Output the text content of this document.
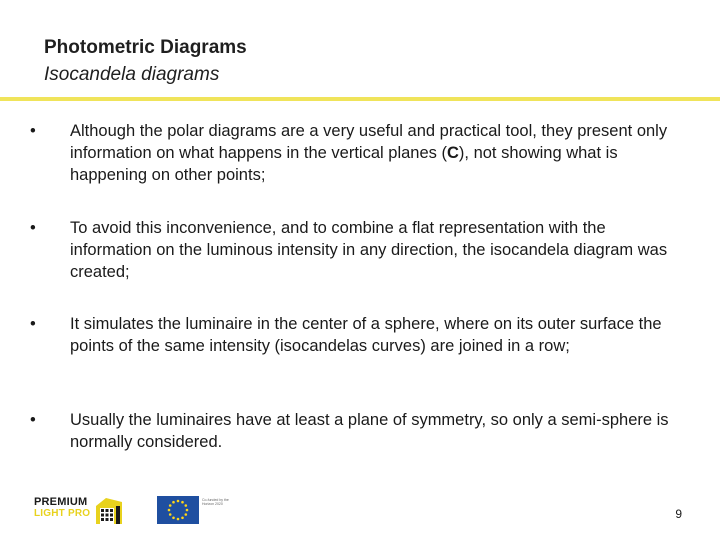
Photometric Diagrams
Isocandela diagrams
•	Although the polar diagrams are a very useful and practical tool, they present only information on what happens in the vertical planes (C), not showing what is happening on other points;
•	To avoid this inconvenience, and to combine a flat representation with the information on the luminous intensity in any direction, the isocandela diagram was created;
•	It simulates the luminaire in the center of a sphere, where on its outer surface the points of the same intensity (isocandelas curves) are joined in a row;
•	Usually the luminaires have at least a plane of symmetry, so only a semi-sphere is normally considered.
PREMIUM
LIGHT PRO
Co-funded by the Horizon 2020
9
